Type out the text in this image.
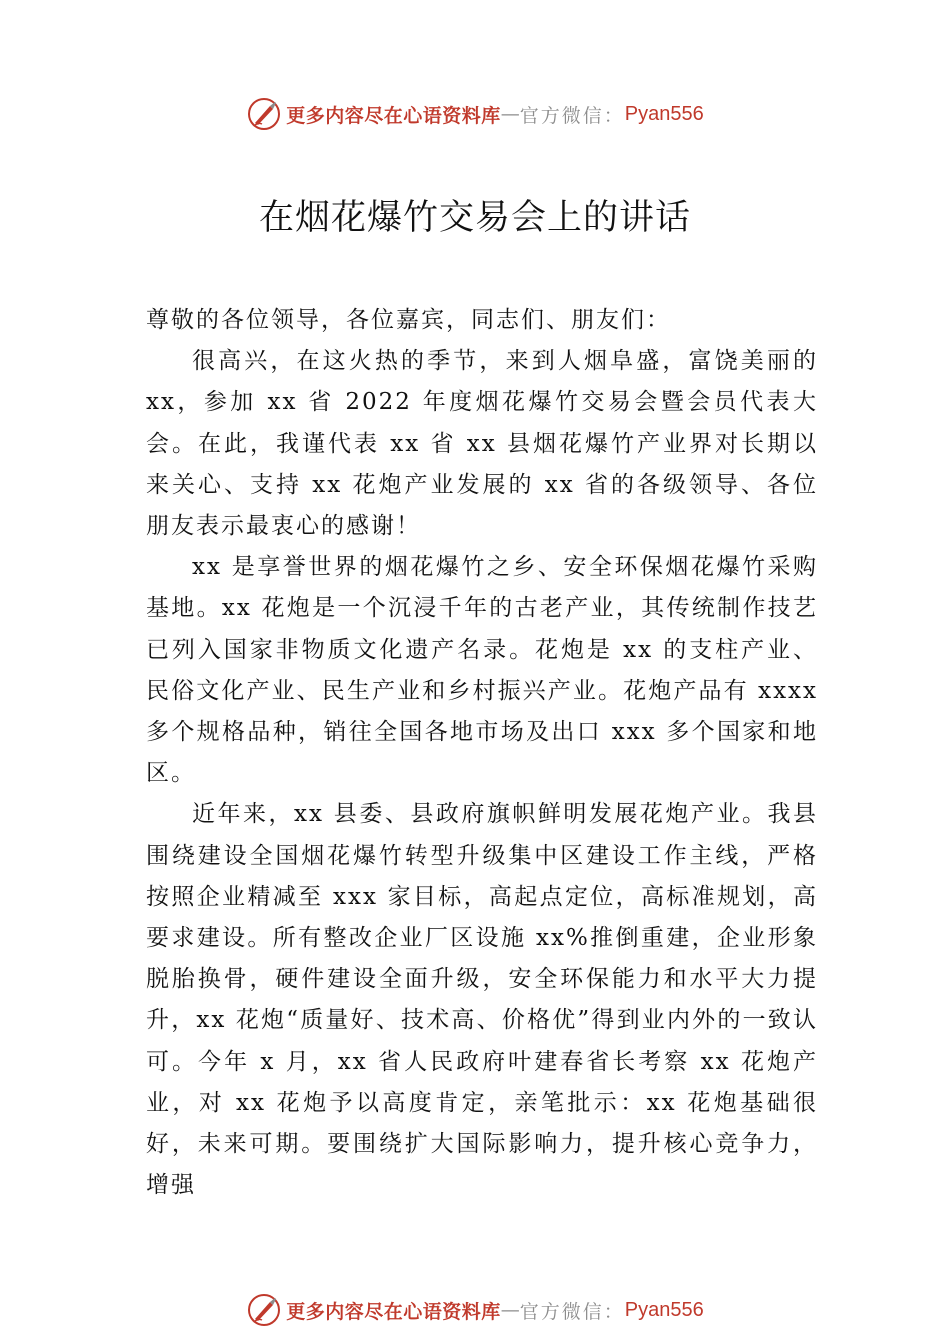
更多内容尽在心语资料库 — 官方微信： Pyan556
在烟花爆竹交易会上的讲话

尊敬的各位领导，各位嘉宾，同志们、朋友们：

很高兴，在这火热的季节，来到人烟阜盛，富饶美丽的xx，参加 xx 省 2022 年度烟花爆竹交易会暨会员代表大会。在此，我谨代表 xx 省 xx 县烟花爆竹产业界对长期以来关心、支持 xx 花炮产业发展的 xx 省的各级领导、各位朋友表示最衷心的感谢！

xx 是享誉世界的烟花爆竹之乡、安全环保烟花爆竹采购基地。xx 花炮是一个沉浸千年的古老产业，其传统制作技艺已列入国家非物质文化遗产名录。花炮是 xx 的支柱产业、民俗文化产业、民生产业和乡村振兴产业。花炮产品有 xxxx 多个规格品种，销往全国各地市场及出口 xxx 多个国家和地区。

近年来，xx 县委、县政府旗帜鲜明发展花炮产业。我县围绕建设全国烟花爆竹转型升级集中区建设工作主线，严格按照企业精减至 xxx 家目标，高起点定位，高标准规划，高要求建设。所有整改企业厂区设施 xx%推倒重建，企业形象脱胎换骨，硬件建设全面升级，安全环保能力和水平大力提升，xx 花炮“质量好、技术高、价格优”得到业内外的一致认可。今年 x 月，xx 省人民政府叶建春省长考察 xx 花炮产业，对 xx 花炮予以高度肯定，亲笔批示：xx 花炮基础很好，未来可期。要围绕扩大国际影响力，提升核心竞争力，增强

更多内容尽在心语资料库 — 官方微信： Pyan556
